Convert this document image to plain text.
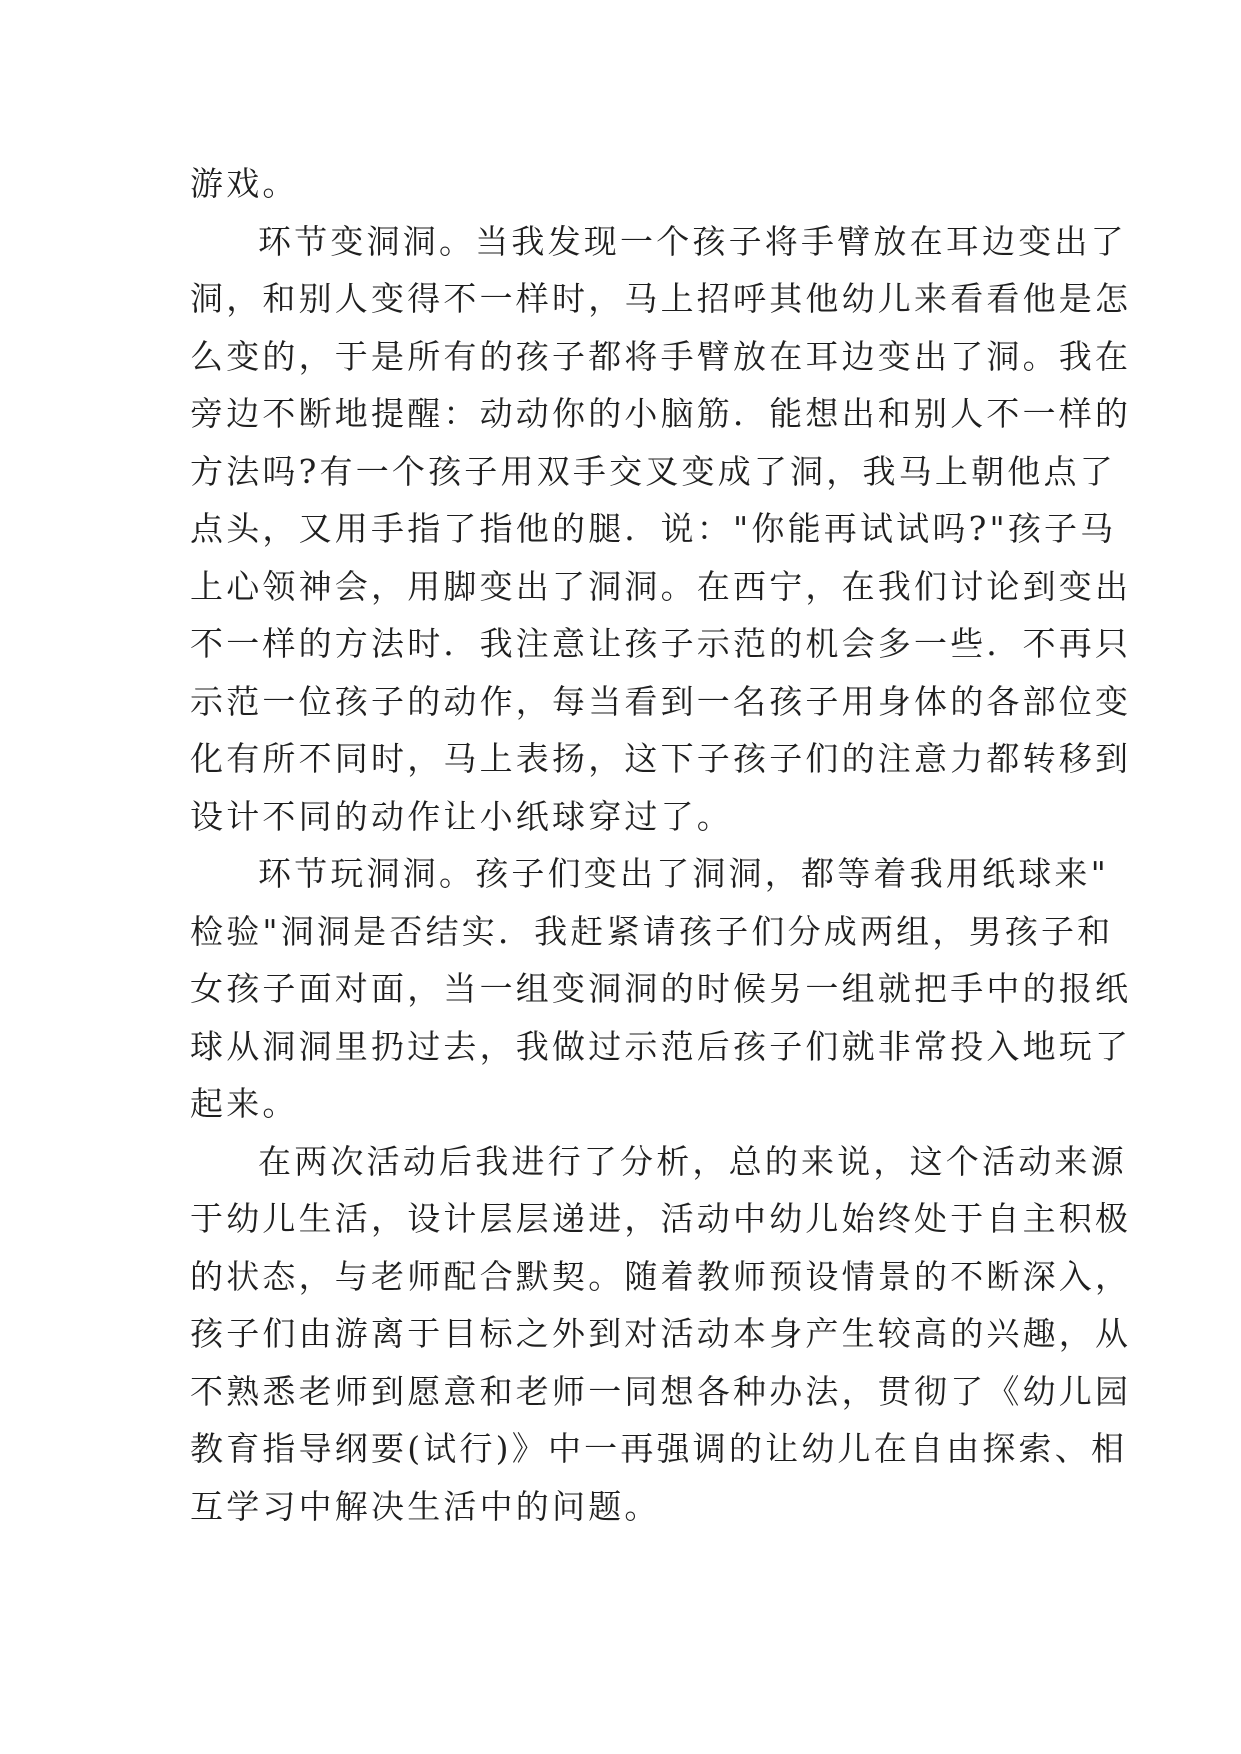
游戏。
环节变洞洞。当我发现一个孩子将手臂放在耳边变出了
洞，和别人变得不一样时，马上招呼其他幼儿来看看他是怎
么变的，于是所有的孩子都将手臂放在耳边变出了洞。我在
旁边不断地提醒：动动你的小脑筋．能想出和别人不一样的
方法吗?有一个孩子用双手交叉变成了洞，我马上朝他点了
点头，又用手指了指他的腿．说："你能再试试吗?"孩子马
上心领神会，用脚变出了洞洞。在西宁，在我们讨论到变出
不一样的方法时．我注意让孩子示范的机会多一些．不再只
示范一位孩子的动作，每当看到一名孩子用身体的各部位变
化有所不同时，马上表扬，这下子孩子们的注意力都转移到
设计不同的动作让小纸球穿过了。
环节玩洞洞。孩子们变出了洞洞，都等着我用纸球来"
检验"洞洞是否结实．我赶紧请孩子们分成两组，男孩子和
女孩子面对面，当一组变洞洞的时候另一组就把手中的报纸
球从洞洞里扔过去，我做过示范后孩子们就非常投入地玩了
起来。
在两次活动后我进行了分析，总的来说，这个活动来源
于幼儿生活，设计层层递进，活动中幼儿始终处于自主积极
的状态，与老师配合默契。随着教师预设情景的不断深入，
孩子们由游离于目标之外到对活动本身产生较高的兴趣，从
不熟悉老师到愿意和老师一同想各种办法，贯彻了《幼儿园
教育指导纲要(试行)》中一再强调的让幼儿在自由探索、相
互学习中解决生活中的问题。
